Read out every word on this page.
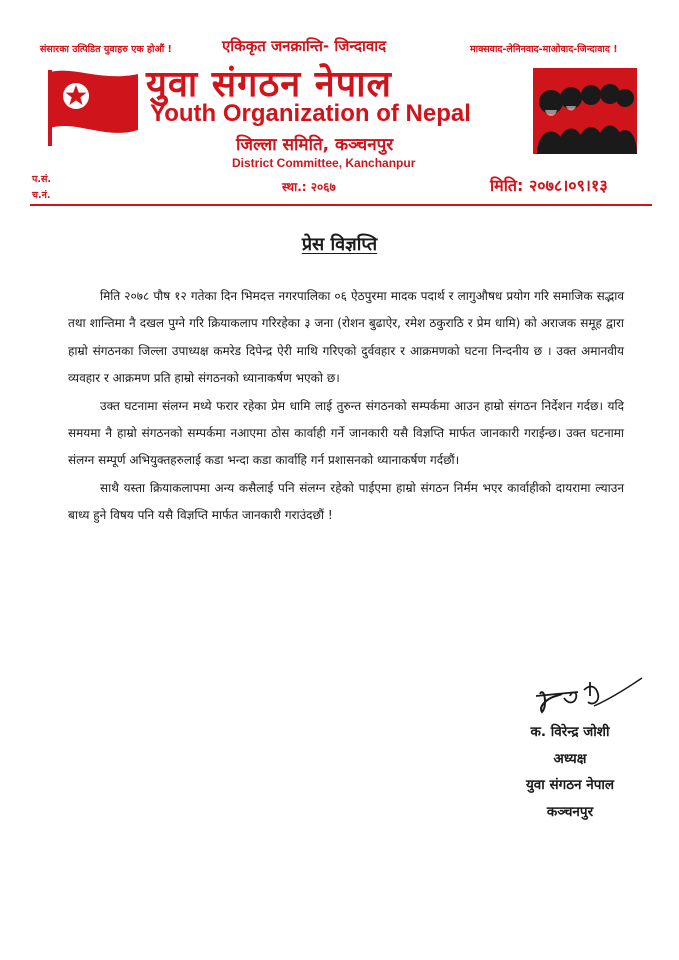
संसारका उत्पिडित युवाहरु एक होऔं !	एकिकृत जनक्रान्ति- जिन्दावाद	माक्सवाद-लेनिनवाद-माओवाद-जिन्दावाद !
युवा संगठन नेपाल
Youth Organization of Nepal
जिल्ला समिति, कञ्चनपुर
District Committee, Kanchanpur
प.सं.
च.नं.
स्था.: २०६७	मिति: २०७८।०९।१३
प्रेस विज्ञप्ति

मिति २०७८ पौष १२ गतेका दिन भिमदत्त नगरपालिका ०६ ऐठपुरमा मादक पदार्थ र लागुऔषध प्रयोग गरि समाजिक सद्भाव तथा शान्तिमा नै दखल पुग्ने गरि क्रियाकलाप गरिरहेका ३ जना (रोशन बुढाऐर, रमेश ठकुराठि र प्रेम धामि) को अराजक समूह द्वारा हाम्रो संगठनका जिल्ला उपाध्यक्ष कमरेड दिपेन्द्र ऐरी माथि गरिएको दुर्ववहार र आक्रमणको घटना निन्दनीय छ । उक्त अमानवीय व्यवहार र आक्रमण प्रति हाम्रो संगठनको ध्यानाकर्षण भएको छ।

उक्त घटनामा संलग्न मध्ये फरार रहेका प्रेम धामि लाई तुरुन्त संगठनको सम्पर्कमा आउन हाम्रो संगठन निर्देशन गर्दछ। यदि समयमा नै हाम्रो संगठनको सम्पर्कमा नआएमा ठोस कार्वाही गर्ने जानकारी यसै विज्ञप्ति मार्फत जानकारी गराईन्छ। उक्त घटनामा संलग्न सम्पूर्ण अभियुक्तहरुलाई कडा भन्दा कडा कार्वाहि गर्न प्रशासनको ध्यानाकर्षण गर्दछौं।

साथै यस्ता क्रियाकलापमा अन्य कसैलाई पनि संलग्न रहेको पाईएमा हाम्रो संगठन निर्मम भएर कार्वाहीको दायरामा ल्याउन बाध्य हुने विषय पनि यसै विज्ञप्ति मार्फत जानकारी गराउंदछौं !

क. विरेन्द्र जोशी
अध्यक्ष
युवा संगठन नेपाल
कञ्चनपुर
